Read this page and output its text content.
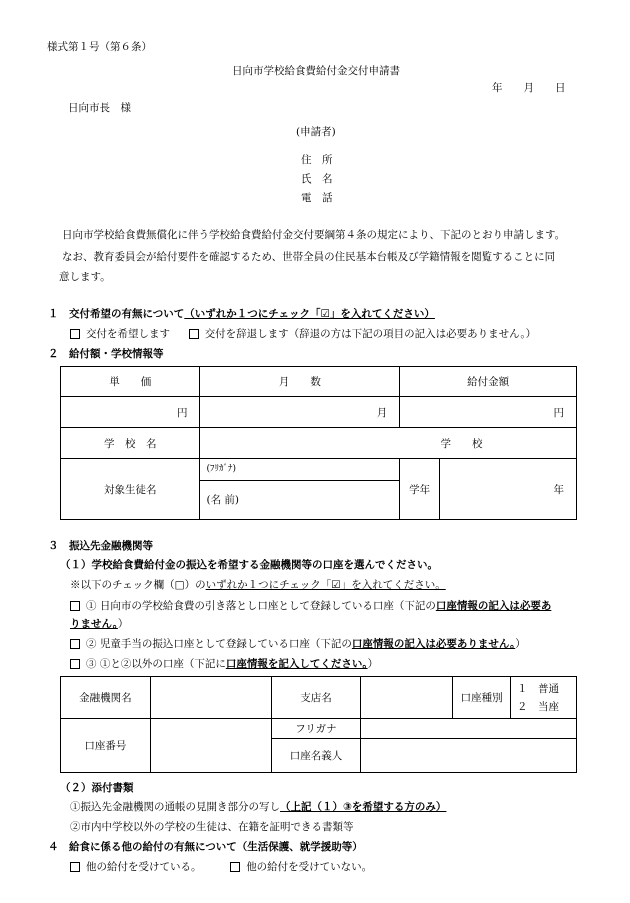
様式第１号（第６条）
日向市学校給食費給付金交付申請書
年　　月　　日
日向市長　様
(申請者)
住　所
氏　名
電　話
日向市学校給食費無償化に伴う学校給食費給付金交付要綱第４条の規定により、下記のとおり申請します。
なお、教育委員会が給付要件を確認するため、世帯全員の住民基本台帳及び学籍情報を閲覧することに同
意します。
１　交付希望の有無について（いずれか１つにチェック「☑」を入れてください）
交付を希望します	交付を辞退します（辞退の方は下記の項目の記入は必要ありません。）
２　給付額・学校情報等
単　　価	月　　数	給付金額	
円	月	円	
学　校　名	学　　校		
対象生徒名	(ﾌﾘｶﾞﾅ)
(名 前)	学年	年
３　振込先金融機関等
（１）学校給食費給付金の振込を希望する金融機関等の口座を選んでください。
※以下のチェック欄（□）のいずれか１つにチェック「☑」を入れてください。
① 日向市の学校給食費の引き落とし口座として登録している口座（下記の口座情報の記入は必要あ
りません。）
② 児童手当の振込口座として登録している口座（下記の口座情報の記入は必要ありません。）
③ ①と②以外の口座（下記に口座情報を記入してください。）
金融機関名		支店名		口座種別	１　普通
２　当座

口座番号		フリガナ			
		口座名義人			
（２）添付書類
①振込先金融機関の通帳の見開き部分の写し（上記（１）③を希望する方のみ）
②市内中学校以外の学校の生徒は、在籍を証明できる書類等
４　給食に係る他の給付の有無について（生活保護、就学援助等）
他の給付を受けている。	他の給付を受けていない。
